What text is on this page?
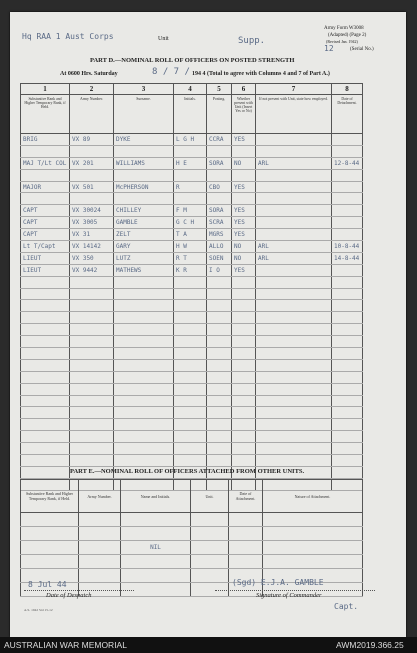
Hq RAA 1 Aust Corps	Unit	Supp.
Army Form W3008
(Adapted) (Page 2)
(Revised Jan. 1942)
12	(Serial No.)
PART D.—NOMINAL ROLL OF OFFICERS ON POSTED STRENGTH
At 0600 Hrs. Saturday	8 / 7 / 194 4 (Total to agree with Columns 4 and 7 of Part A.)
1	2	3	4	5	6	7	8
Substantive Rank and Higher Temporary Rank, if Held.	Army Number.	Surname.	Initials.	Posting.	Whether present with Unit (Insert Yes or No)	If not present with Unit, state how employed.	Date of Detachment.
BRIG	VX 89	DYKE	L G H	CCRA	YES		

MAJ T/Lt COL	VX 201	WILLIAMS	H E	SORA	NO	ARL	12-8-44

MAJOR	VX 501	McPHERSON	R	CBO	YES		

CAPT	VX 30024	CHILLEY	F M	SORA	YES		
CAPT	VX 3005	GAMBLE	G C H	SCRA	YES		
CAPT	VX 31	ZELT	T A	MGRS	YES		
Lt T/Capt	VX 14142	GARY	H W	ALLO	NO	ARL	10-8-44
LIEUT	VX 350	LUTZ	R T	SOEN	NO	ARL	14-8-44
LIEUT	VX 9442	MATHEWS	K R	I O	YES		

PART E.—NOMINAL ROLL OF OFFICERS ATTACHED FROM OTHER UNITS.
Substantive Rank and Higher Temporary Rank, if Held.	Army Number.	Name and Initials.	Unit.	Date of Attachment.	Nature of Attachment.

		NIL			

8 Jul 44
Date of Despatch
(Sgd) E.J.A. GAMBLE
Signature of Commander
Capt.
A.S. 1942 Std 15-12
AUSTRALIAN WAR MEMORIAL	AWM2019.366.25
